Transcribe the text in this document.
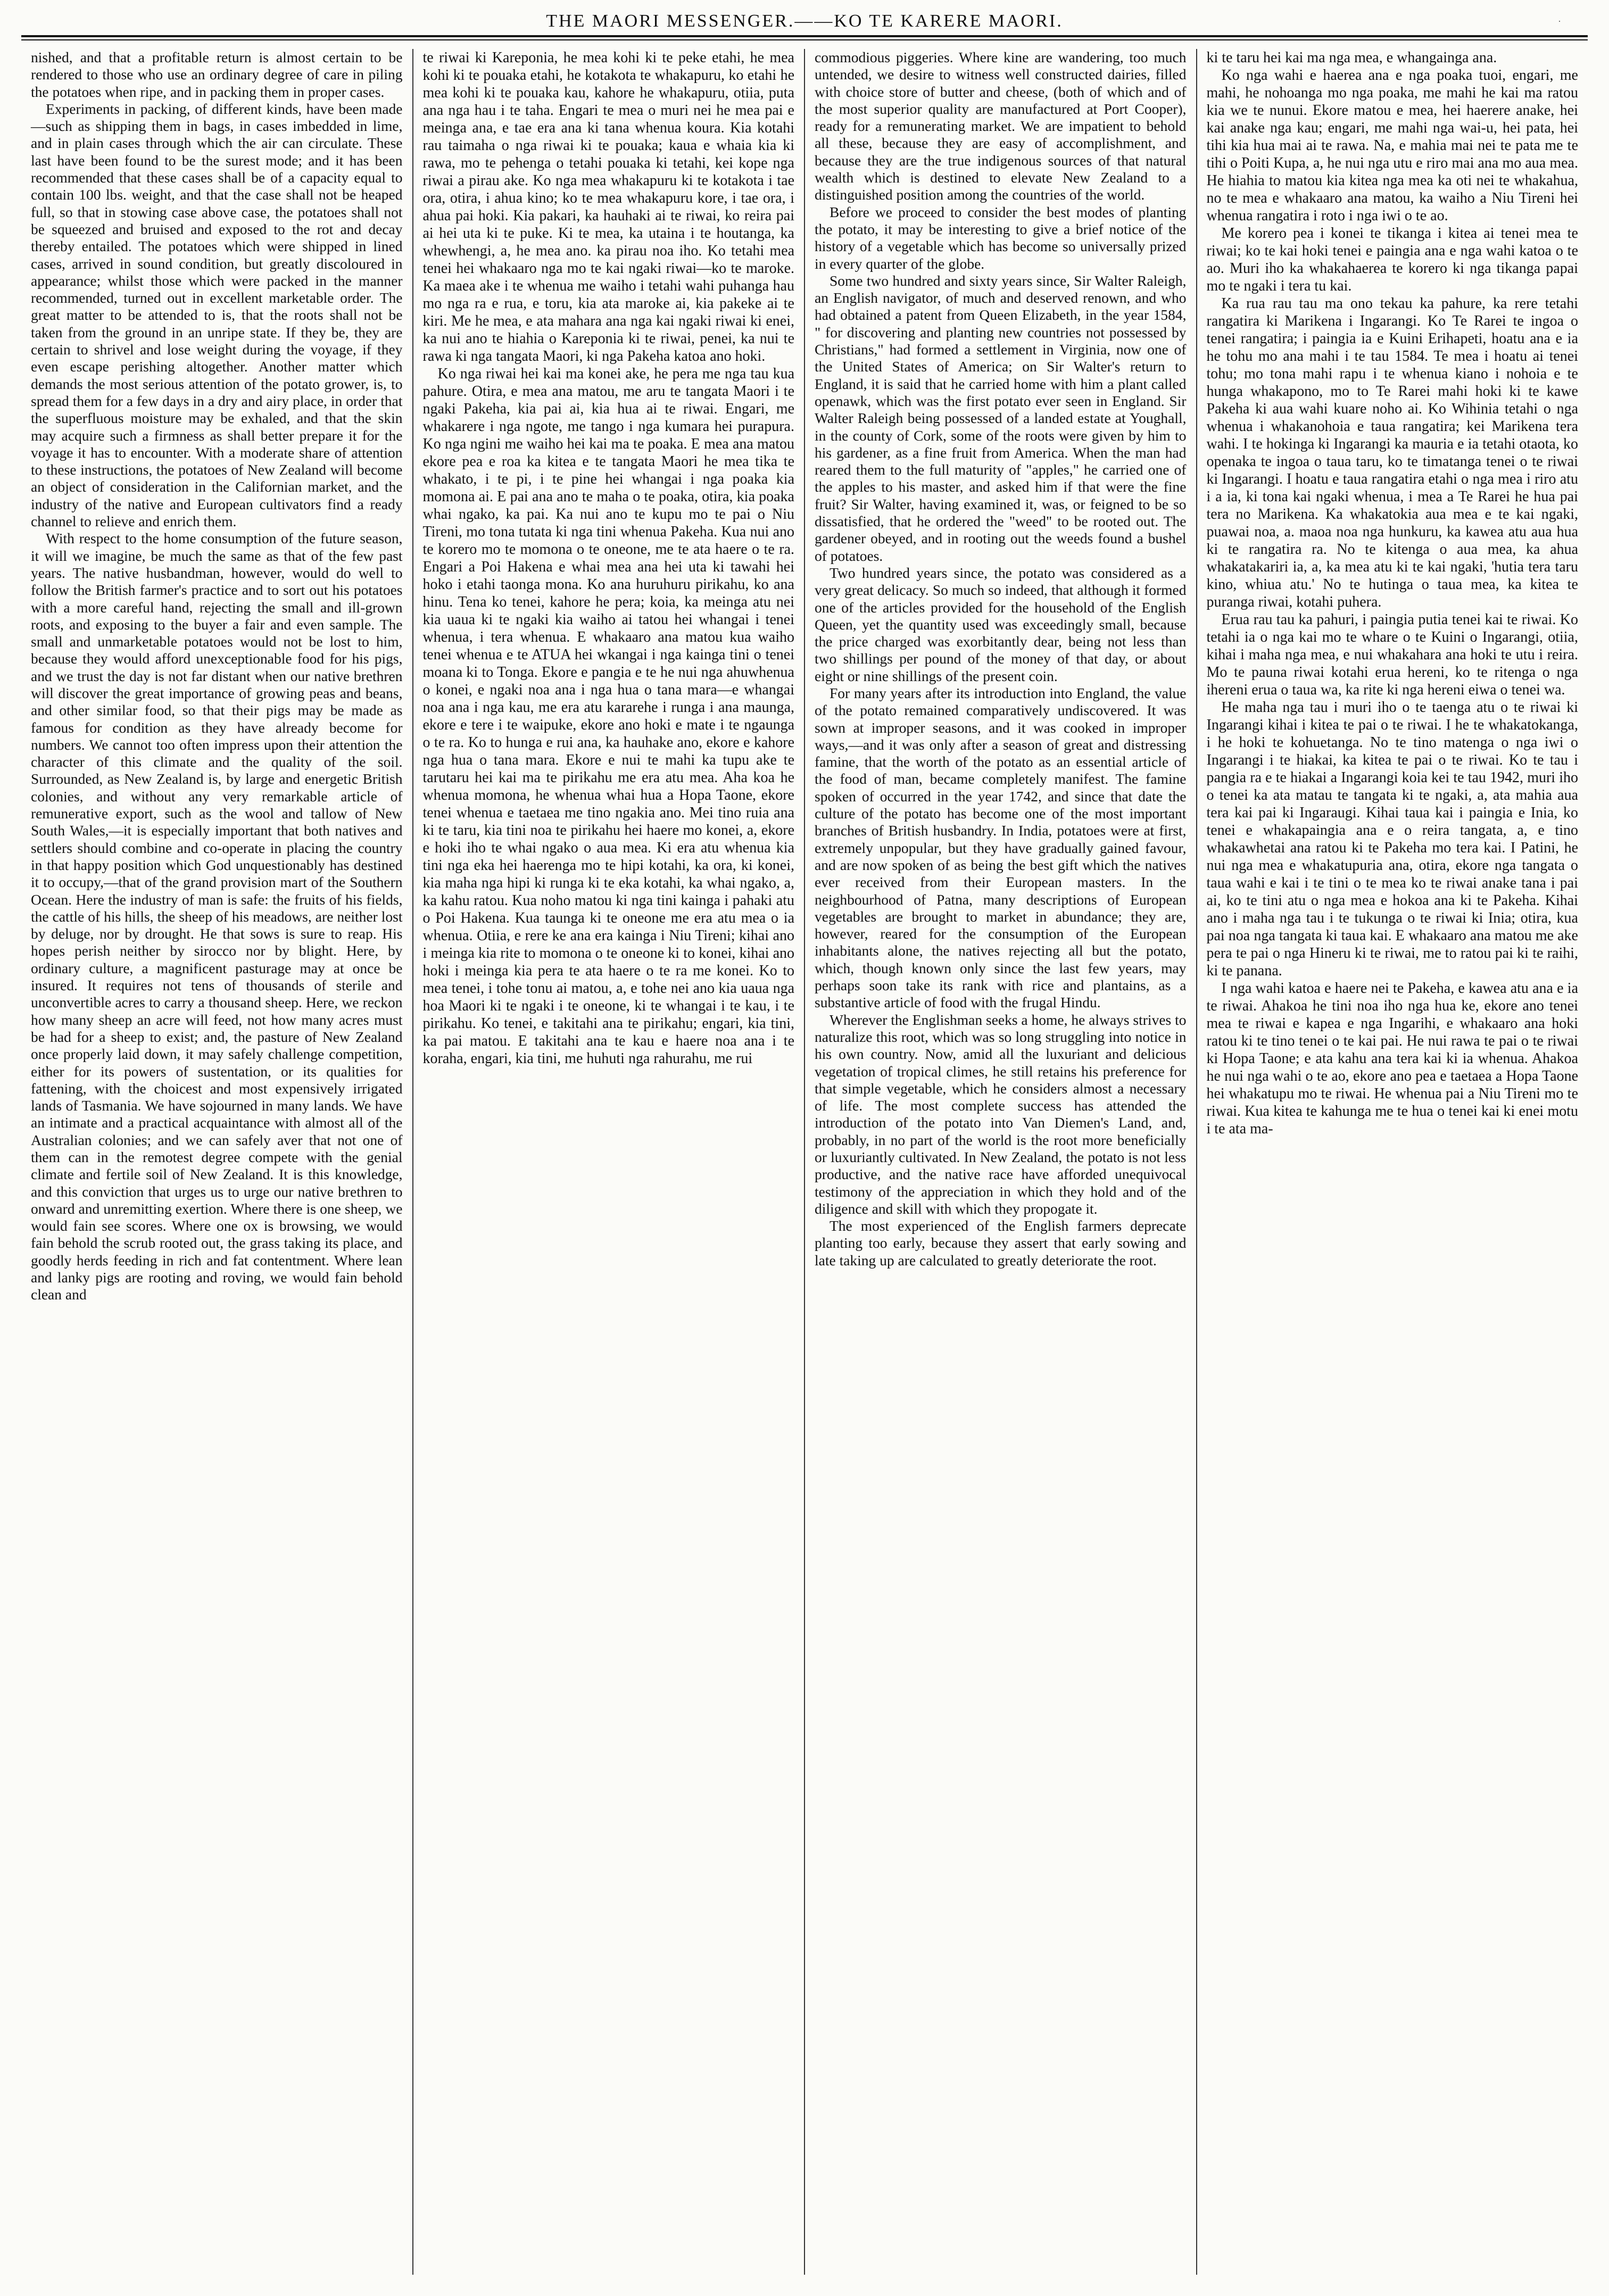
THE MAORI MESSENGER.——KO TE KARERE MAORI.	·

nished, and that a profitable return is almost certain to be rendered to those who use an ordinary degree of care in piling the potatoes when ripe, and in packing them in proper cases.

Experiments in packing, of different kinds, have been made—such as shipping them in bags, in cases imbedded in lime, and in plain cases through which the air can circulate. These last have been found to be the surest mode; and it has been recommended that these cases shall be of a capacity equal to contain 100 lbs. weight, and that the case shall not be heaped full, so that in stowing case above case, the potatoes shall not be squeezed and bruised and exposed to the rot and decay thereby entailed. The potatoes which were shipped in lined cases, arrived in sound condition, but greatly discoloured in appearance; whilst those which were packed in the manner recommended, turned out in excellent marketable order. The great matter to be attended to is, that the roots shall not be taken from the ground in an unripe state. If they be, they are certain to shrivel and lose weight during the voyage, if they even escape perishing altogether. Another matter which demands the most serious attention of the potato grower, is, to spread them for a few days in a dry and airy place, in order that the superfluous moisture may be exhaled, and that the skin may acquire such a firmness as shall better prepare it for the voyage it has to encounter. With a moderate share of attention to these instructions, the potatoes of New Zealand will become an object of consideration in the Californian market, and the industry of the native and European cultivators find a ready channel to relieve and enrich them.

With respect to the home consumption of the future season, it will we imagine, be much the same as that of the few past years. The native husbandman, however, would do well to follow the British farmer's practice and to sort out his potatoes with a more careful hand, rejecting the small and ill-grown roots, and exposing to the buyer a fair and even sample. The small and unmarketable potatoes would not be lost to him, because they would afford unexceptionable food for his pigs, and we trust the day is not far distant when our native brethren will discover the great importance of growing peas and beans, and other similar food, so that their pigs may be made as famous for condition as they have already become for numbers. We cannot too often impress upon their attention the character of this climate and the quality of the soil. Surrounded, as New Zealand is, by large and energetic British colonies, and without any very remarkable article of remunerative export, such as the wool and tallow of New South Wales,—it is especially important that both natives and settlers should combine and co-operate in placing the country in that happy position which God unquestionably has destined it to occupy,—that of the grand provision mart of the Southern Ocean. Here the industry of man is safe: the fruits of his fields, the cattle of his hills, the sheep of his meadows, are neither lost by deluge, nor by drought. He that sows is sure to reap. His hopes perish neither by sirocco nor by blight. Here, by ordinary culture, a magnificent pasturage may at once be insured. It requires not tens of thousands of sterile and unconvertible acres to carry a thousand sheep. Here, we reckon how many sheep an acre will feed, not how many acres must be had for a sheep to exist; and, the pasture of New Zealand once properly laid down, it may safely challenge competition, either for its powers of sustentation, or its qualities for fattening, with the choicest and most expensively irrigated lands of Tasmania. We have sojourned in many lands. We have an intimate and a practical acquaintance with almost all of the Australian colonies; and we can safely aver that not one of them can in the remotest degree compete with the genial climate and fertile soil of New Zealand. It is this knowledge, and this conviction that urges us to urge our native brethren to onward and unremitting exertion. Where there is one sheep, we would fain see scores. Where one ox is browsing, we would fain behold the scrub rooted out, the grass taking its place, and goodly herds feeding in rich and fat contentment. Where lean and lanky pigs are rooting and roving, we would fain behold clean and

te riwai ki Kareponia, he mea kohi ki te peke etahi, he mea kohi ki te pouaka etahi, he kotakota te whakapuru, ko etahi he mea kohi ki te pouaka kau, kahore he whakapuru, otiia, puta ana nga hau i te taha. Engari te mea o muri nei he mea pai e meinga ana, e tae era ana ki tana whenua koura. Kia kotahi rau taimaha o nga riwai ki te pouaka; kaua e whaia kia ki rawa, mo te pehenga o tetahi pouaka ki tetahi, kei kope nga riwai a pirau ake. Ko nga mea whakapuru ki te kotakota i tae ora, otira, i ahua kino; ko te mea whakapuru kore, i tae ora, i ahua pai hoki. Kia pakari, ka hauhaki ai te riwai, ko reira pai ai hei uta ki te puke. Ki te mea, ka utaina i te houtanga, ka whewhengi, a, he mea ano. ka pirau noa iho. Ko tetahi mea tenei hei whakaaro nga mo te kai ngaki riwai—ko te maroke. Ka maea ake i te whenua me waiho i tetahi wahi puhanga hau mo nga ra e rua, e toru, kia ata maroke ai, kia pakeke ai te kiri. Me he mea, e ata mahara ana nga kai ngaki riwai ki enei, ka nui ano te hiahia o Kareponia ki te riwai, penei, ka nui te rawa ki nga tangata Maori, ki nga Pakeha katoa ano hoki.

Ko nga riwai hei kai ma konei ake, he pera me nga tau kua pahure. Otira, e mea ana matou, me aru te tangata Maori i te ngaki Pakeha, kia pai ai, kia hua ai te riwai. Engari, me whakarere i nga ngote, me tango i nga kumara hei purapura. Ko nga ngini me waiho hei kai ma te poaka. E mea ana matou ekore pea e roa ka kitea e te tangata Maori he mea tika te whakato, i te pi, i te pine hei whangai i nga poaka kia momona ai. E pai ana ano te maha o te poaka, otira, kia poaka whai ngako, ka pai. Ka nui ano te kupu mo te pai o Niu Tireni, mo tona tutata ki nga tini whenua Pakeha. Kua nui ano te korero mo te momona o te oneone, me te ata haere o te ra. Engari a Poi Hakena e whai mea ana hei uta ki tawahi hei hoko i etahi taonga mona. Ko ana huruhuru pirikahu, ko ana hinu. Tena ko tenei, kahore he pera; koia, ka meinga atu nei kia uaua ki te ngaki kia waiho ai tatou hei whangai i tenei whenua, i tera whenua. E whakaaro ana matou kua waiho tenei whenua e te ATUA hei wkangai i nga kainga tini o tenei moana ki to Tonga. Ekore e pangia e te he nui nga ahuwhenua o konei, e ngaki noa ana i nga hua o tana mara—e whangai noa ana i nga kau, me era atu kararehe i runga i ana maunga, ekore e tere i te waipuke, ekore ano hoki e mate i te ngaunga o te ra. Ko to hunga e rui ana, ka hauhake ano, ekore e kahore nga hua o tana mara. Ekore e nui te mahi ka tupu ake te tarutaru hei kai ma te pirikahu me era atu mea. Aha koa he whenua momona, he whenua whai hua a Hopa Taone, ekore tenei whenua e taetaea me tino ngakia ano. Mei tino ruia ana ki te taru, kia tini noa te pirikahu hei haere mo konei, a, ekore e hoki iho te whai ngako o aua mea. Ki era atu whenua kia tini nga eka hei haerenga mo te hipi kotahi, ka ora, ki konei, kia maha nga hipi ki runga ki te eka kotahi, ka whai ngako, a, ka kahu ratou. Kua noho matou ki nga tini kainga i pahaki atu o Poi Hakena. Kua taunga ki te oneone me era atu mea o ia whenua. Otiia, e rere ke ana era kainga i Niu Tireni; kihai ano i meinga kia rite to momona o te oneone ki to konei, kihai ano hoki i meinga kia pera te ata haere o te ra me konei. Ko to mea tenei, i tohe tonu ai matou, a, e tohe nei ano kia uaua nga hoa Maori ki te ngaki i te oneone, ki te whangai i te kau, i te pirikahu. Ko tenei, e takitahi ana te pirikahu; engari, kia tini, ka pai matou. E takitahi ana te kau e haere noa ana i te koraha, engari, kia tini, me huhuti nga rahurahu, me rui

commodious piggeries. Where kine are wandering, too much untended, we desire to witness well constructed dairies, filled with choice store of butter and cheese, (both of which and of the most superior quality are manufactured at Port Cooper), ready for a remunerating market. We are impatient to behold all these, because they are easy of accomplishment, and because they are the true indigenous sources of that natural wealth which is destined to elevate New Zealand to a distinguished position among the countries of the world.

Before we proceed to consider the best modes of planting the potato, it may be interesting to give a brief notice of the history of a vegetable which has become so universally prized in every quarter of the globe.

Some two hundred and sixty years since, Sir Walter Raleigh, an English navigator, of much and deserved renown, and who had obtained a patent from Queen Elizabeth, in the year 1584, " for discovering and planting new countries not possessed by Christians," had formed a settlement in Virginia, now one of the United States of America; on Sir Walter's return to England, it is said that he carried home with him a plant called openawk, which was the first potato ever seen in England. Sir Walter Raleigh being possessed of a landed estate at Youghall, in the county of Cork, some of the roots were given by him to his gardener, as a fine fruit from America. When the man had reared them to the full maturity of "apples," he carried one of the apples to his master, and asked him if that were the fine fruit? Sir Walter, having examined it, was, or feigned to be so dissatisfied, that he ordered the "weed" to be rooted out. The gardener obeyed, and in rooting out the weeds found a bushel of potatoes.

Two hundred years since, the potato was considered as a very great delicacy. So much so indeed, that although it formed one of the articles provided for the household of the English Queen, yet the quantity used was exceedingly small, because the price charged was exorbitantly dear, being not less than two shillings per pound of the money of that day, or about eight or nine shillings of the present coin.

For many years after its introduction into England, the value of the potato remained comparatively undiscovered. It was sown at improper seasons, and it was cooked in improper ways,—and it was only after a season of great and distressing famine, that the worth of the potato as an essential article of the food of man, became completely manifest. The famine spoken of occurred in the year 1742, and since that date the culture of the potato has become one of the most important branches of British husbandry. In India, potatoes were at first, extremely unpopular, but they have gradually gained favour, and are now spoken of as being the best gift which the natives ever received from their European masters. In the neighbourhood of Patna, many descriptions of European vegetables are brought to market in abundance; they are, however, reared for the consumption of the European inhabitants alone, the natives rejecting all but the potato, which, though known only since the last few years, may perhaps soon take its rank with rice and plantains, as a substantive article of food with the frugal Hindu.

Wherever the Englishman seeks a home, he always strives to naturalize this root, which was so long struggling into notice in his own country. Now, amid all the luxuriant and delicious vegetation of tropical climes, he still retains his preference for that simple vegetable, which he considers almost a necessary of life. The most complete success has attended the introduction of the potato into Van Diemen's Land, and, probably, in no part of the world is the root more beneficially or luxuriantly cultivated. In New Zealand, the potato is not less productive, and the native race have afforded unequivocal testimony of the appreciation in which they hold and of the diligence and skill with which they propogate it.

The most experienced of the English farmers deprecate planting too early, because they assert that early sowing and late taking up are calculated to greatly deteriorate the root.

ki te taru hei kai ma nga mea, e whangainga ana.

Ko nga wahi e haerea ana e nga poaka tuoi, engari, me mahi, he nohoanga mo nga poaka, me mahi he kai ma ratou kia we te nunui. Ekore matou e mea, hei haerere anake, hei kai anake nga kau; engari, me mahi nga wai-u, hei pata, hei tihi kia hua mai ai te rawa. Na, e mahia mai nei te pata me te tihi o Poiti Kupa, a, he nui nga utu e riro mai ana mo aua mea. He hiahia to matou kia kitea nga mea ka oti nei te whakahua, no te mea e whakaaro ana matou, ka waiho a Niu Tireni hei whenua rangatira i roto i nga iwi o te ao.

Me korero pea i konei te tikanga i kitea ai tenei mea te riwai; ko te kai hoki tenei e paingia ana e nga wahi katoa o te ao. Muri iho ka whakahaerea te korero ki nga tikanga papai mo te ngaki i tera tu kai.

Ka rua rau tau ma ono tekau ka pahure, ka rere tetahi rangatira ki Marikena i Ingarangi. Ko Te Rarei te ingoa o tenei rangatira; i paingia ia e Kuini Erihapeti, hoatu ana e ia he tohu mo ana mahi i te tau 1584. Te mea i hoatu ai tenei tohu; mo tona mahi rapu i te whenua kiano i nohoia e te hunga whakapono, mo to Te Rarei mahi hoki ki te kawe Pakeha ki aua wahi kuare noho ai. Ko Wihinia tetahi o nga whenua i whakanohoia e taua rangatira; kei Marikena tera wahi. I te hokinga ki Ingarangi ka mauria e ia tetahi otaota, ko openaka te ingoa o taua taru, ko te timatanga tenei o te riwai ki Ingarangi. I hoatu e taua rangatira etahi o nga mea i riro atu i a ia, ki tona kai ngaki whenua, i mea a Te Rarei he hua pai tera no Marikena. Ka whakatokia aua mea e te kai ngaki, puawai noa, a. maoa noa nga hunkuru, ka kawea atu aua hua ki te rangatira ra. No te kitenga o aua mea, ka ahua whakatakariri ia, a, ka mea atu ki te kai ngaki, 'hutia tera taru kino, whiua atu.' No te hutinga o taua mea, ka kitea te puranga riwai, kotahi puhera.

Erua rau tau ka pahuri, i paingia putia tenei kai te riwai. Ko tetahi ia o nga kai mo te whare o te Kuini o Ingarangi, otiia, kihai i maha nga mea, e nui whakahara ana hoki te utu i reira. Mo te pauna riwai kotahi erua hereni, ko te ritenga o nga ihereni erua o taua wa, ka rite ki nga hereni eiwa o tenei wa.

He maha nga tau i muri iho o te taenga atu o te riwai ki Ingarangi kihai i kitea te pai o te riwai. I he te whakatokanga, i he hoki te kohuetanga. No te tino matenga o nga iwi o Ingarangi i te hiakai, ka kitea te pai o te riwai. Ko te tau i pangia ra e te hiakai a Ingarangi koia kei te tau 1942, muri iho o tenei ka ata matau te tangata ki te ngaki, a, ata mahia aua tera kai pai ki Ingaraugi. Kihai taua kai i paingia e Inia, ko tenei e whakapaingia ana e o reira tangata, a, e tino whakawhetai ana ratou ki te Pakeha mo tera kai. I Patini, he nui nga mea e whakatupuria ana, otira, ekore nga tangata o taua wahi e kai i te tini o te mea ko te riwai anake tana i pai ai, ko te tini atu o nga mea e hokoa ana ki te Pakeha. Kihai ano i maha nga tau i te tukunga o te riwai ki Inia; otira, kua pai noa nga tangata ki taua kai. E whakaaro ana matou me ake pera te pai o nga Hineru ki te riwai, me to ratou pai ki te raihi, ki te panana.

I nga wahi katoa e haere nei te Pakeha, e kawea atu ana e ia te riwai. Ahakoa he tini noa iho nga hua ke, ekore ano tenei mea te riwai e kapea e nga Ingarihi, e whakaaro ana hoki ratou ki te tino tenei o te kai pai. He nui rawa te pai o te riwai ki Hopa Taone; e ata kahu ana tera kai ki ia whenua. Ahakoa he nui nga wahi o te ao, ekore ano pea e taetaea a Hopa Taone hei whakatupu mo te riwai. He whenua pai a Niu Tireni mo te riwai. Kua kitea te kahunga me te hua o tenei kai ki enei motu i te ata ma-
